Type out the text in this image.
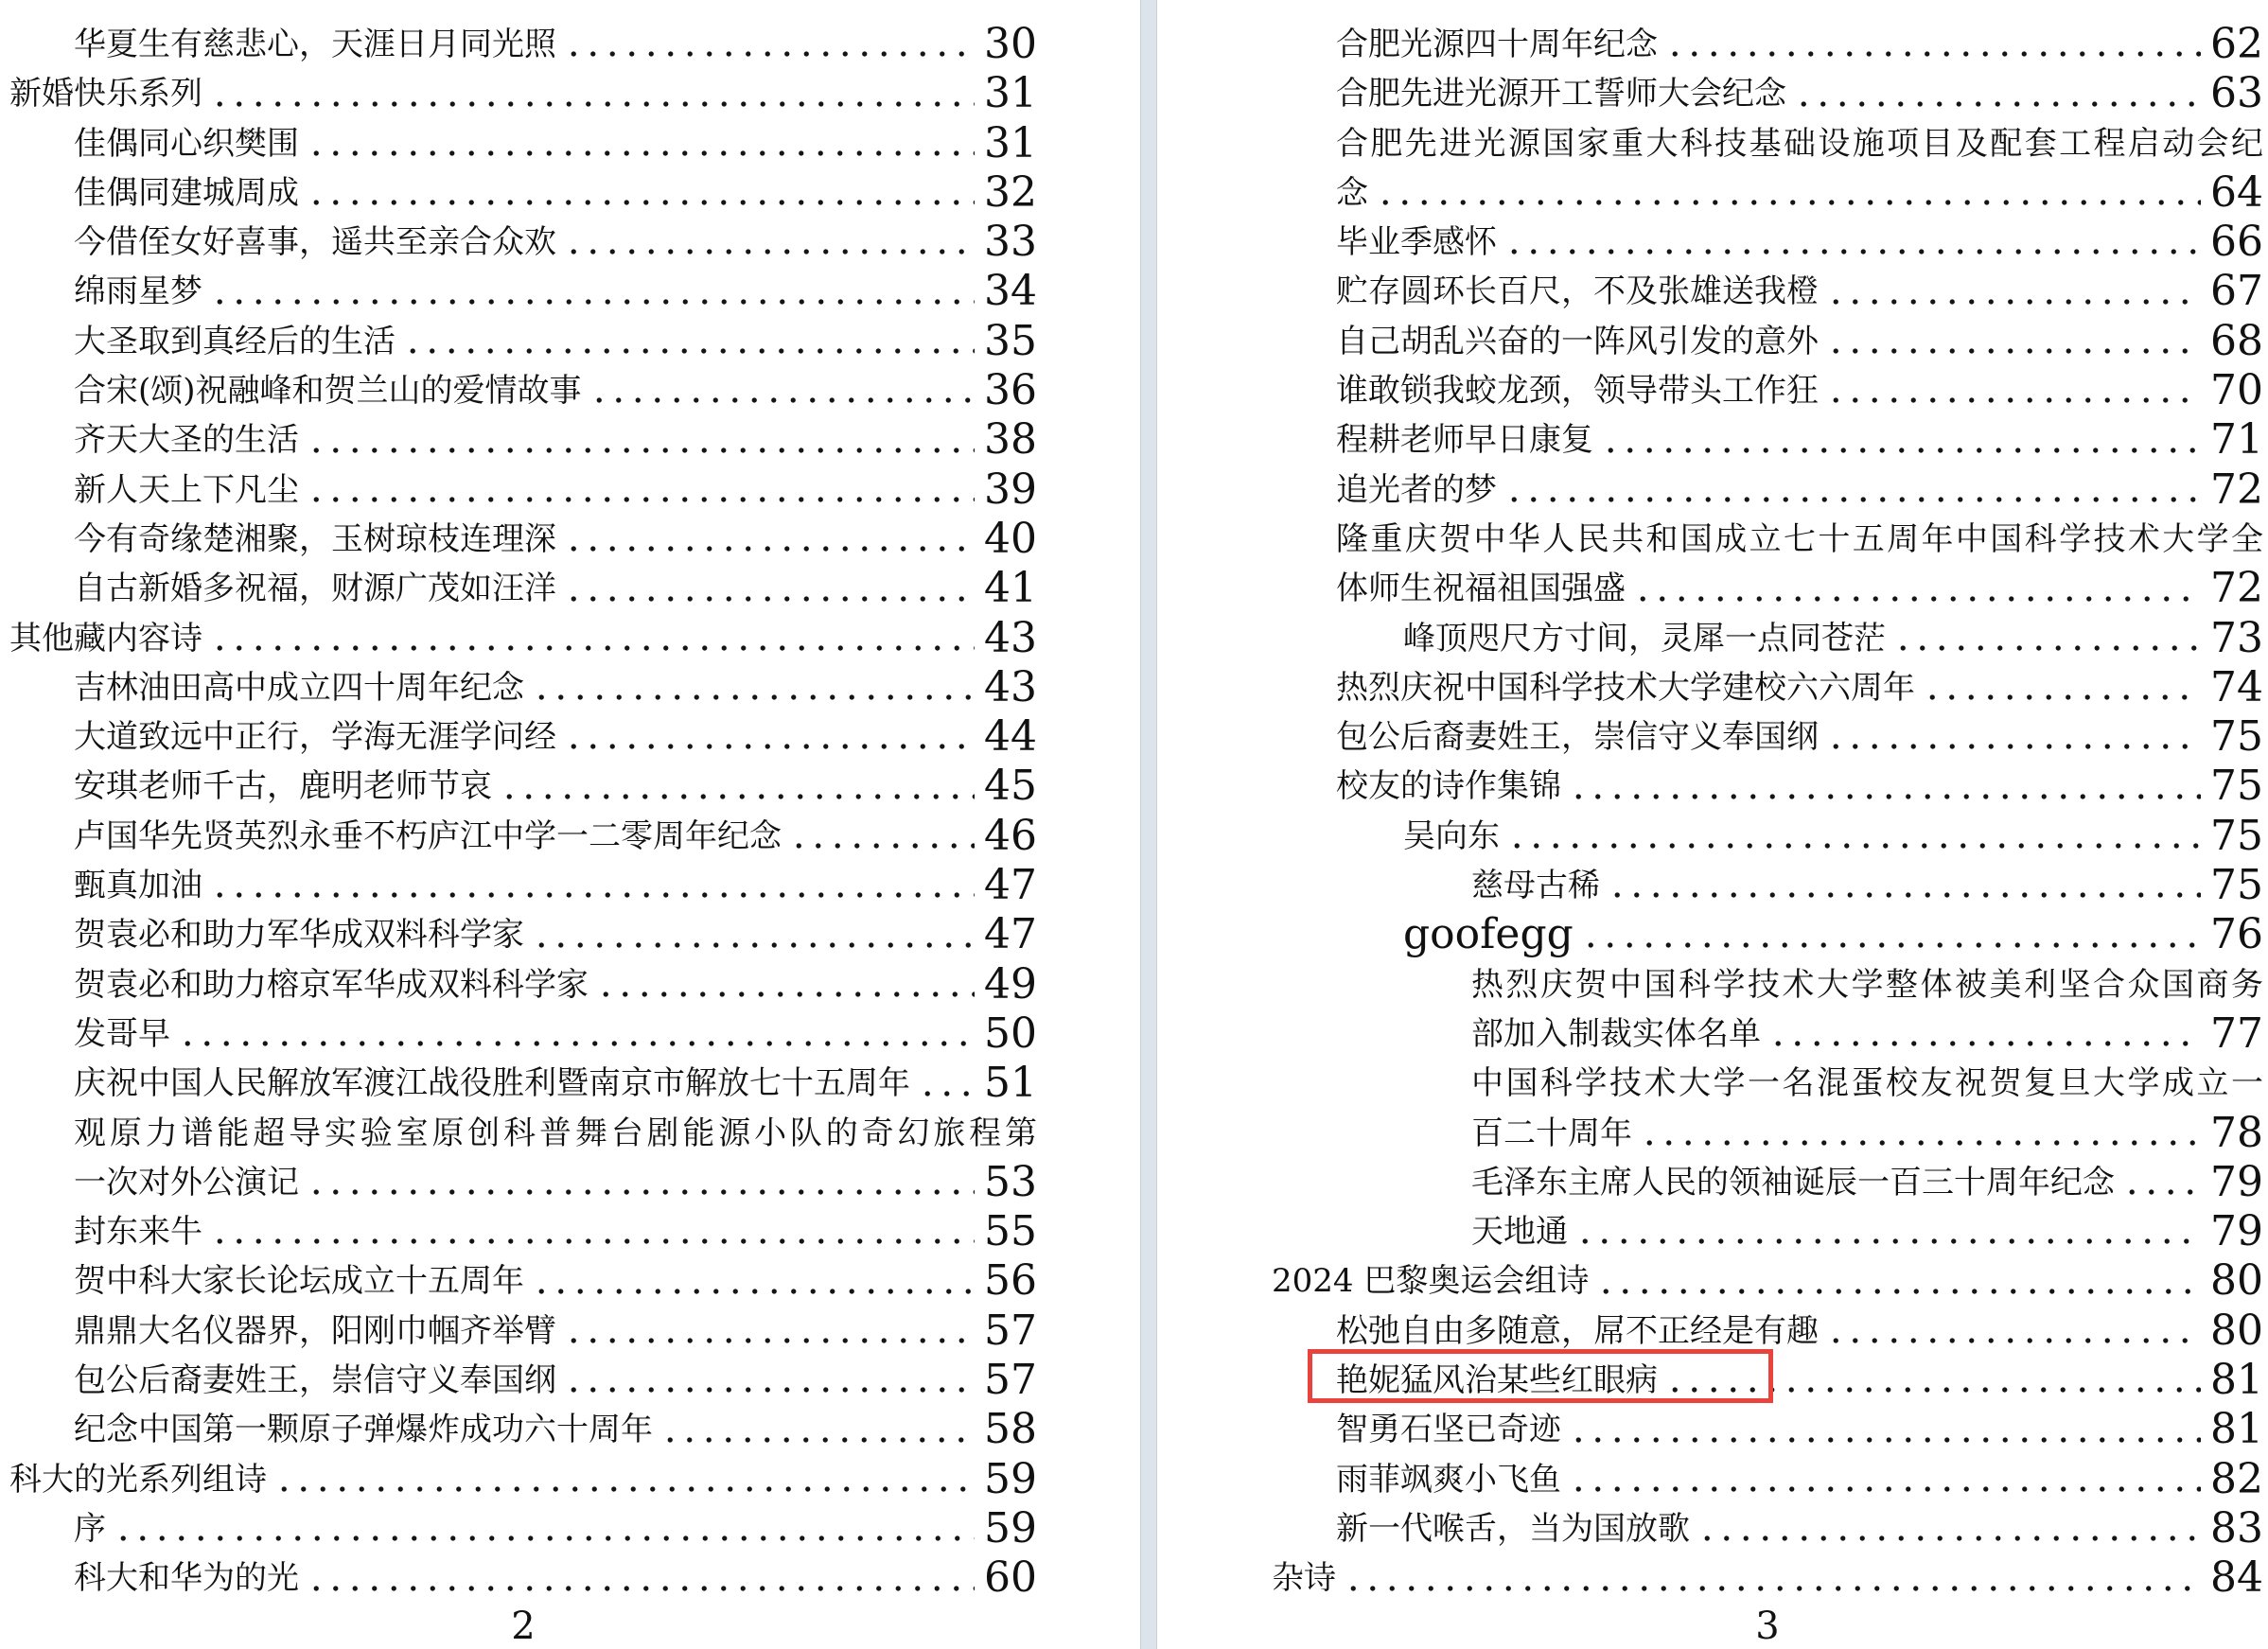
华夏生有慈悲心，天涯日月同光照	30
新婚快乐系列	31
佳偶同心织樊围	31
佳偶同建城周成	32
今借侄女好喜事，遥共至亲合众欢	33
绵雨星梦	34
大圣取到真经后的生活	35
合宋(颂)祝融峰和贺兰山的爱情故事	36
齐天大圣的生活	38
新人天上下凡尘	39
今有奇缘楚湘聚，玉树琼枝连理深	40
自古新婚多祝福，财源广茂如汪洋	41
其他藏内容诗	43
吉林油田高中成立四十周年纪念	43
大道致远中正行，学海无涯学问经	44
安琪老师千古，鹿明老师节哀	45
卢国华先贤英烈永垂不朽庐江中学一二零周年纪念	46
甄真加油	47
贺袁必和助力军华成双料科学家	47
贺袁必和助力榕京军华成双料科学家	49
发哥早	50
庆祝中国人民解放军渡江战役胜利暨南京市解放七十五周年 51
观原力谱能超导实验室原创科普舞台剧能源小队的奇幻旅程第
一次对外公演记	53
封东来牛	55
贺中科大家长论坛成立十五周年	56
鼎鼎大名仪器界，阳刚巾帼齐举臂	57
包公后裔妻姓王，崇信守义奉国纲	57
纪念中国第一颗原子弹爆炸成功六十周年	58
科大的光系列组诗	59
序	59
科大和华为的光	60
2
合肥光源四十周年纪念	62
合肥先进光源开工誓师大会纪念	63
合肥先进光源国家重大科技基础设施项目及配套工程启动会纪
念	64
毕业季感怀	66
贮存圆环长百尺，不及张雄送我橙	67
自己胡乱兴奋的一阵风引发的意外	68
谁敢锁我蛟龙颈，领导带头工作狂	70
程耕老师早日康复	71
追光者的梦	72
隆重庆贺中华人民共和国成立七十五周年中国科学技术大学全
体师生祝福祖国强盛	72
峰顶咫尺方寸间，灵犀一点同苍茫	73
热烈庆祝中国科学技术大学建校六六周年	74
包公后裔妻姓王，崇信守义奉国纲	75
校友的诗作集锦	75
吴向东	75
慈母古稀	75
goofegg	76
热烈庆贺中国科学技术大学整体被美利坚合众国商务
部加入制裁实体名单	77
中国科学技术大学一名混蛋校友祝贺复旦大学成立一
百二十周年	78
毛泽东主席人民的领袖诞辰一百三十周年纪念 79
天地通	79
2024 巴黎奥运会组诗	80
松弛自由多随意，屌不正经是有趣	80
艳妮猛风治某些红眼病	81
智勇石坚已奇迹	81
雨菲飒爽小飞鱼	82
新一代喉舌，当为国放歌	83
杂诗	84
3
